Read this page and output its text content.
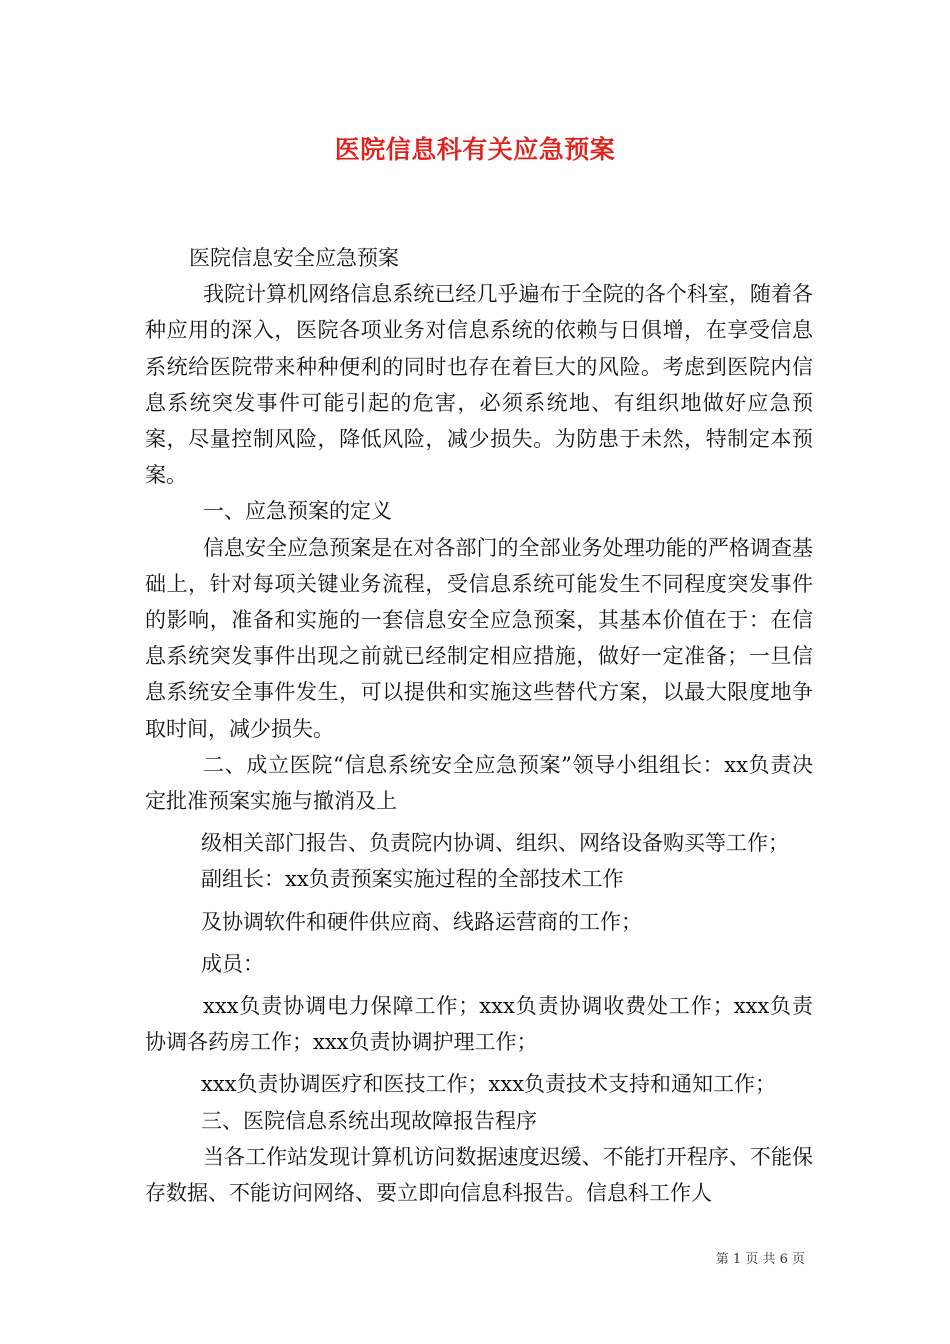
医院信息科有关应急预案

医院信息安全应急预案

我院计算机网络信息系统已经几乎遍布于全院的各个科室，随着各种应用的深入，医院各项业务对信息系统的依赖与日俱增，在享受信息系统给医院带来种种便利的同时也存在着巨大的风险。考虑到医院内信息系统突发事件可能引起的危害，必须系统地、有组织地做好应急预案，尽量控制风险，降低风险，减少损失。为防患于未然，特制定本预案。

一、应急预案的定义

信息安全应急预案是在对各部门的全部业务处理功能的严格调查基础上，针对每项关键业务流程，受信息系统可能发生不同程度突发事件的影响，准备和实施的一套信息安全应急预案，其基本价值在于：在信息系统突发事件出现之前就已经制定相应措施，做好一定准备；一旦信息系统安全事件发生，可以提供和实施这些替代方案，以最大限度地争取时间，减少损失。

二、成立医院“信息系统安全应急预案”领导小组组长：xx负责决定批准预案实施与撤消及上

级相关部门报告、负责院内协调、组织、网络设备购买等工作；

副组长：xx负责预案实施过程的全部技术工作

及协调软件和硬件供应商、线路运营商的工作；

成员：

xxx负责协调电力保障工作；xxx负责协调收费处工作；xxx负责协调各药房工作；xxx负责协调护理工作；

xxx负责协调医疗和医技工作；xxx负责技术支持和通知工作；

三、医院信息系统出现故障报告程序

当各工作站发现计算机访问数据速度迟缓、不能打开程序、不能保存数据、不能访问网络、要立即向信息科报告。信息科工作人

第 1 页 共 6 页
